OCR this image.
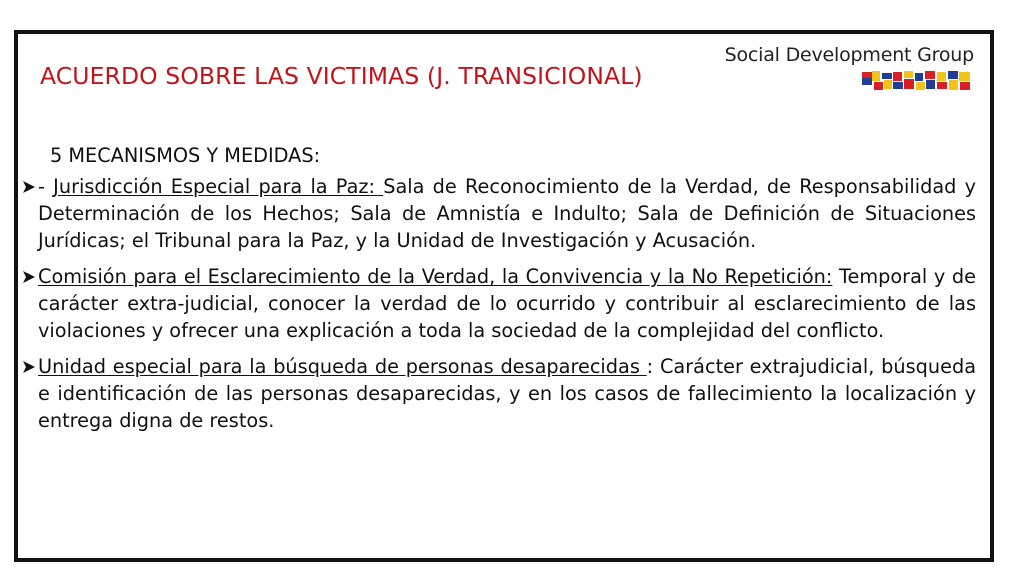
ACUERDO SOBRE LAS VICTIMAS (J. TRANSICIONAL)
Social Development Group

5 MECANISMOS Y MEDIDAS:

- Jurisdicción Especial para la Paz: Sala de Reconocimiento de la Verdad, de Responsabilidad y Determinación de los Hechos; Sala de Amnistía e Indulto; Sala de Definición de Situaciones Jurídicas; el Tribunal para la Paz, y la Unidad de Investigación y Acusación.

Comisión para el Esclarecimiento de la Verdad, la Convivencia y la No Repetición: Temporal y de carácter extra-judicial, conocer la verdad de lo ocurrido y contribuir al esclarecimiento de las violaciones y ofrecer una explicación a toda la sociedad de la complejidad del conflicto.

Unidad especial para la búsqueda de personas desaparecidas : Carácter extrajudicial, búsqueda e identificación de las personas desaparecidas, y en los casos de fallecimiento la localización y entrega digna de restos.
